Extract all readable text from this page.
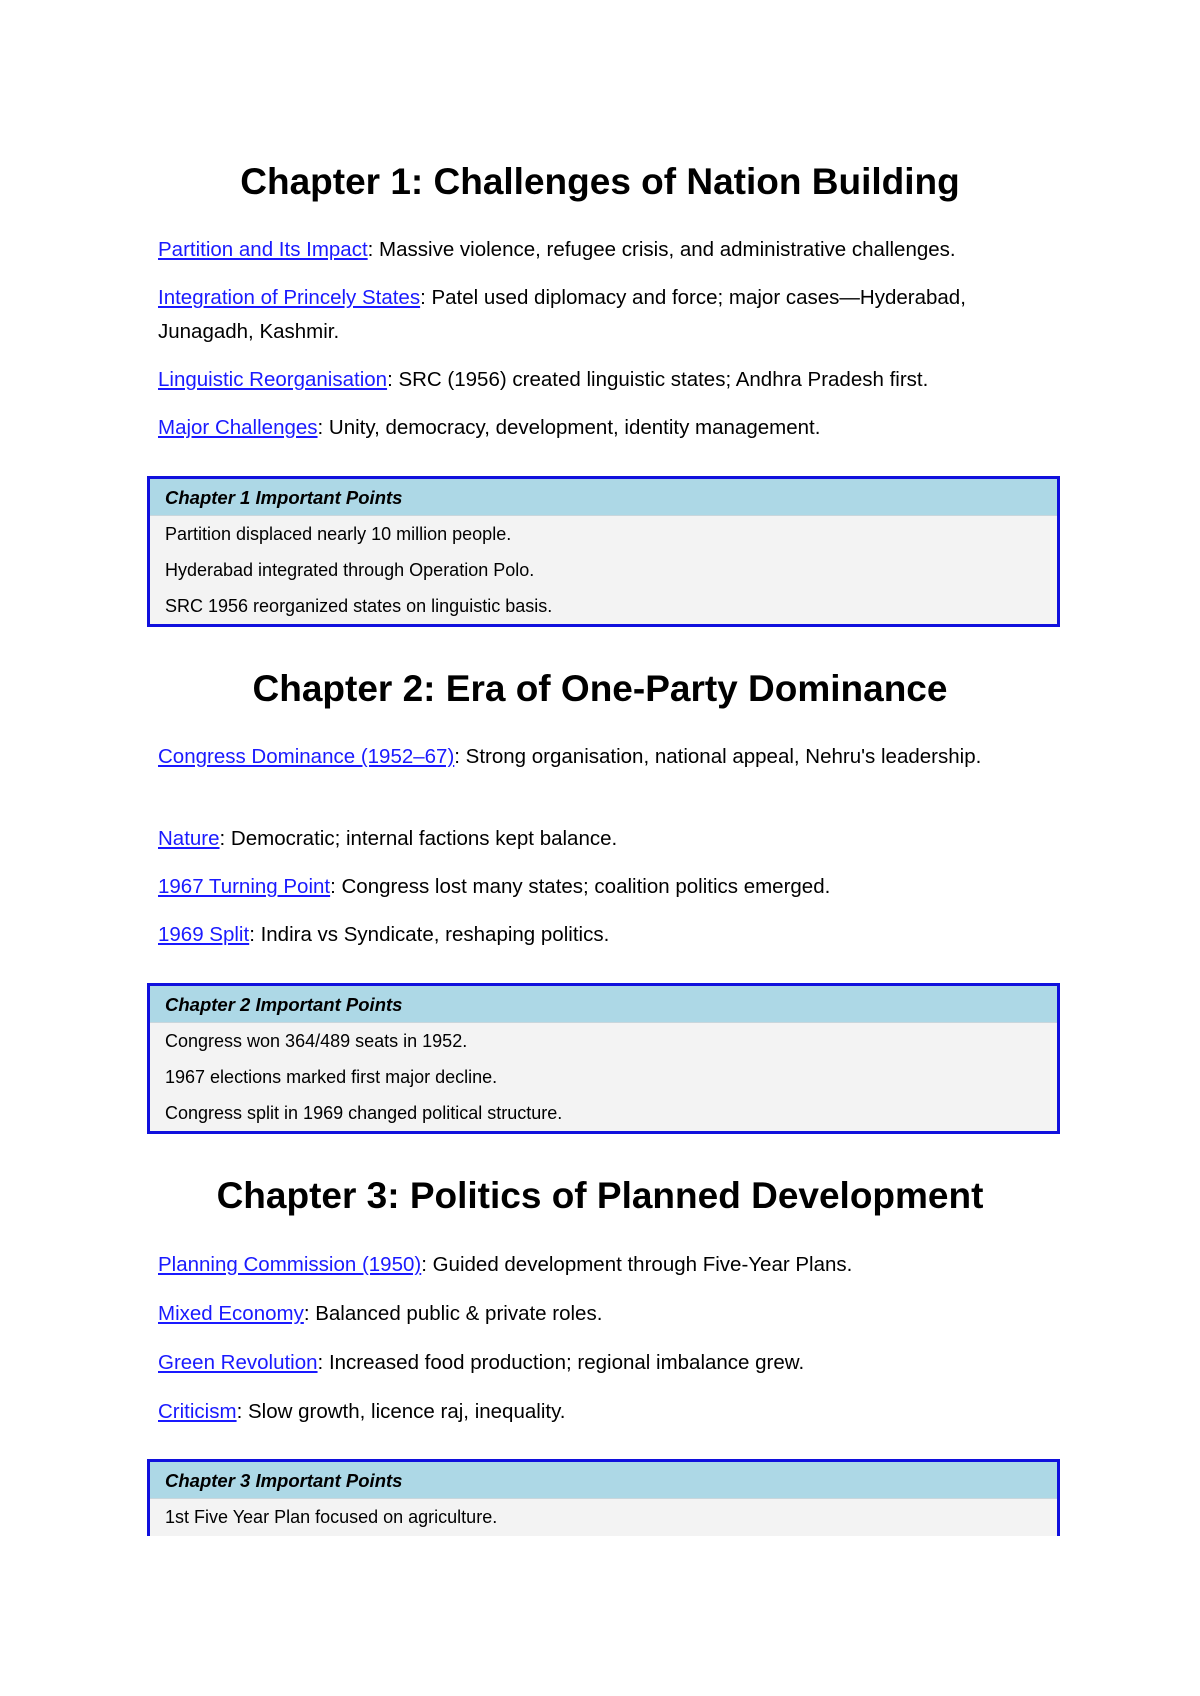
Chapter 1: Challenges of Nation Building

Partition and Its Impact: Massive violence, refugee crisis, and administrative challenges.

Integration of Princely States: Patel used diplomacy and force; major cases—Hyderabad, Junagadh, Kashmir.

Linguistic Reorganisation: SRC (1956) created linguistic states; Andhra Pradesh first.

Major Challenges: Unity, democracy, development, identity management.

Chapter 1 Important Points
Partition displaced nearly 10 million people.
Hyderabad integrated through Operation Polo.
SRC 1956 reorganized states on linguistic basis.
Chapter 2: Era of One-Party Dominance

Congress Dominance (1952–67): Strong organisation, national appeal, Nehru's leadership.

Nature: Democratic; internal factions kept balance.

1967 Turning Point: Congress lost many states; coalition politics emerged.

1969 Split: Indira vs Syndicate, reshaping politics.

Chapter 2 Important Points
Congress won 364/489 seats in 1952.
1967 elections marked first major decline.
Congress split in 1969 changed political structure.
Chapter 3: Politics of Planned Development

Planning Commission (1950): Guided development through Five-Year Plans.

Mixed Economy: Balanced public & private roles.

Green Revolution: Increased food production; regional imbalance grew.

Criticism: Slow growth, licence raj, inequality.

Chapter 3 Important Points
1st Five Year Plan focused on agriculture.
